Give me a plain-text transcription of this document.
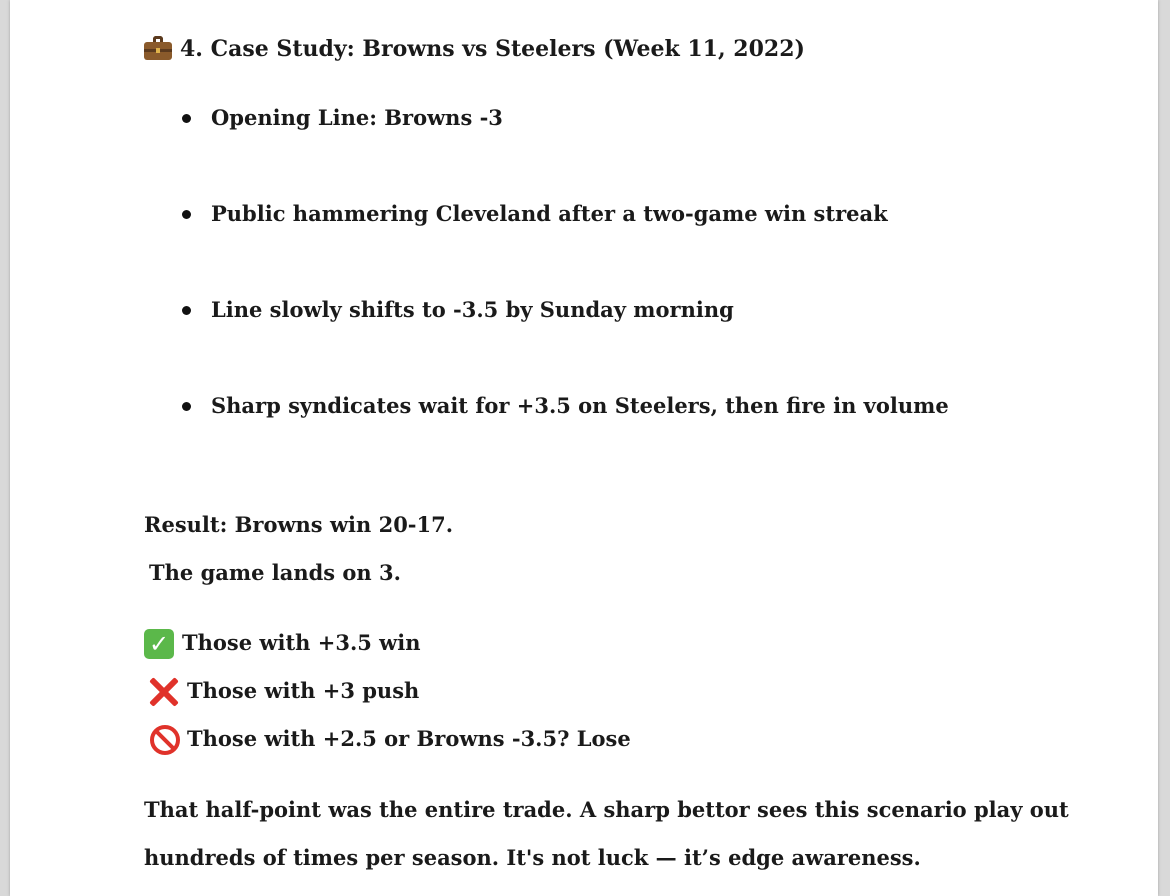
4. Case Study: Browns vs Steelers (Week 11, 2022)
Opening Line: Browns -3
Public hammering Cleveland after a two-game win streak
Line slowly shifts to -3.5 by Sunday morning
Sharp syndicates wait for +3.5 on Steelers, then fire in volume
Result: Browns win 20-17.
The game lands on 3.
✓ Those with +3.5 win
Those with +3 push
Those with +2.5 or Browns -3.5? Lose
That half-point was the entire trade. A sharp bettor sees this scenario play out
hundreds of times per season. It's not luck — it’s edge awareness.
